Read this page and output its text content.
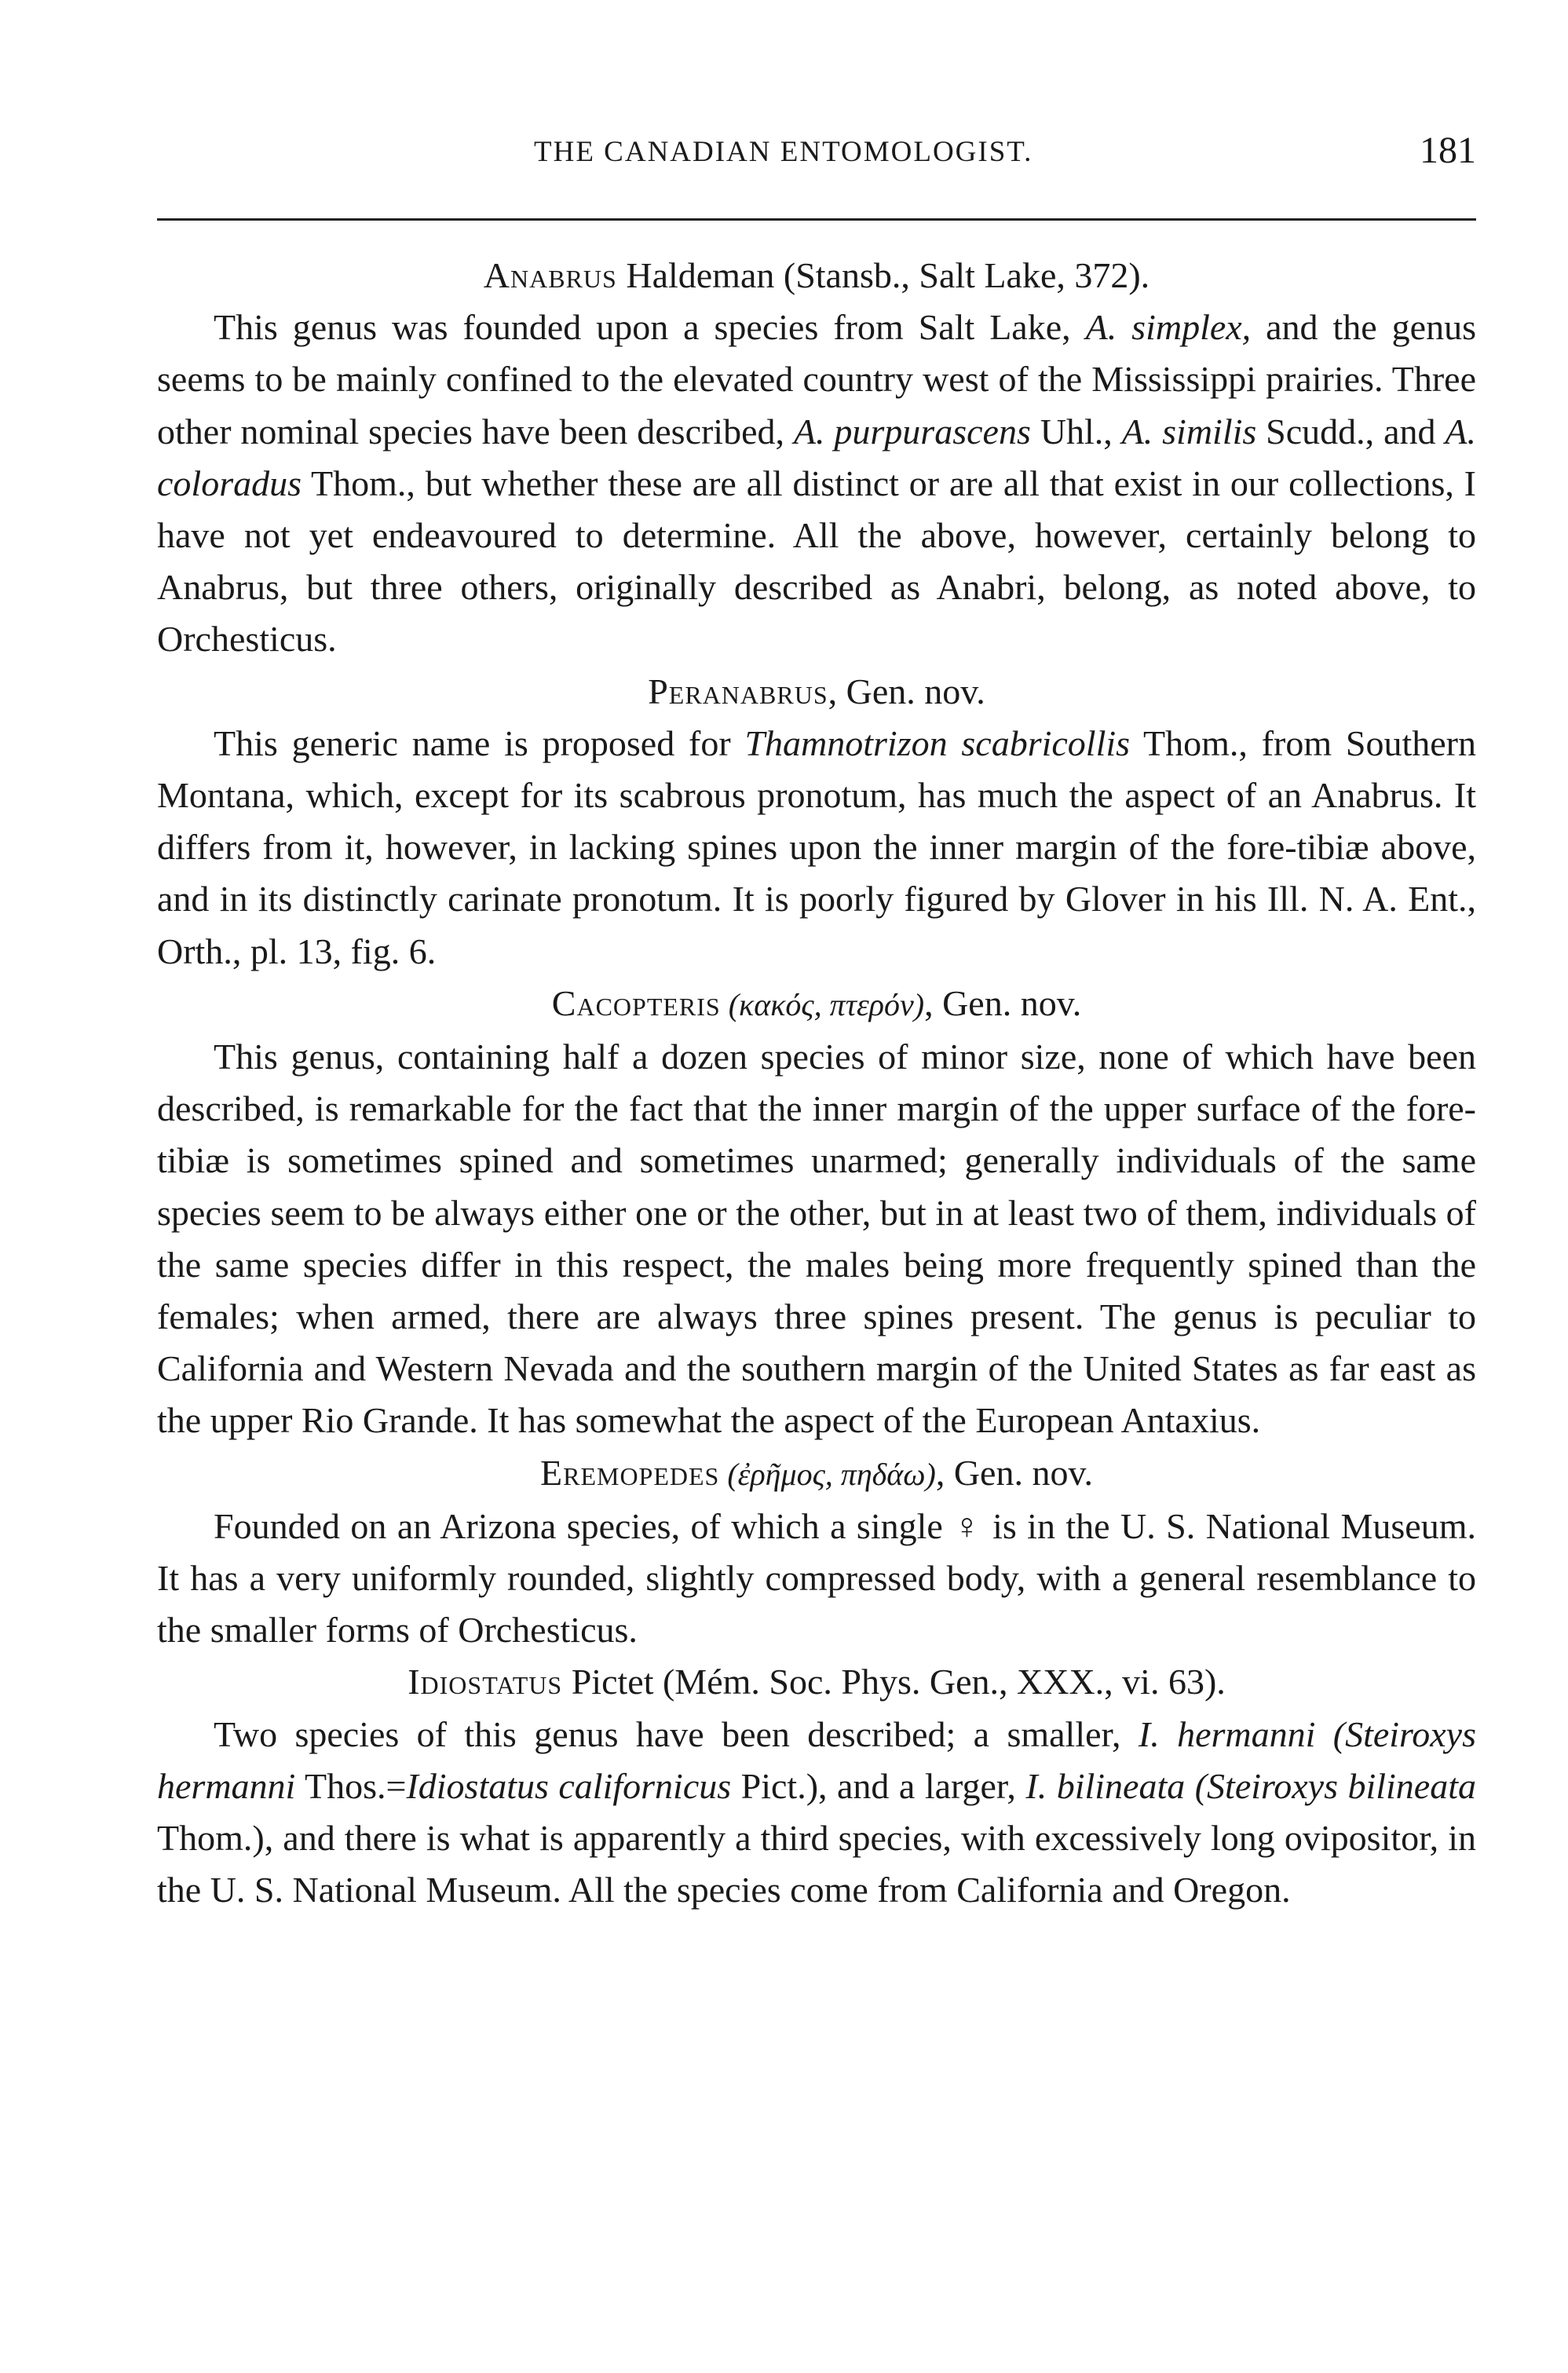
THE CANADIAN ENTOMOLOGIST.	181

Anabrus Haldeman (Stansb., Salt Lake, 372).

This genus was founded upon a species from Salt Lake, A. simplex, and the genus seems to be mainly confined to the elevated country west of the Mississippi prairies. Three other nominal species have been described, A. purpurascens Uhl., A. similis Scudd., and A. coloradus Thom., but whether these are all distinct or are all that exist in our collections, I have not yet endeavoured to determine. All the above, however, certainly belong to Anabrus, but three others, originally described as Anabri, belong, as noted above, to Orchesticus.

Peranabrus, Gen. nov.

This generic name is proposed for Thamnotrizon scabricollis Thom., from Southern Montana, which, except for its scabrous pronotum, has much the aspect of an Anabrus. It differs from it, however, in lacking spines upon the inner margin of the fore-tibiæ above, and in its distinctly carinate pronotum. It is poorly figured by Glover in his Ill. N. A. Ent., Orth., pl. 13, fig. 6.

Cacopteris (κακός, πτερόν), Gen. nov.

This genus, containing half a dozen species of minor size, none of which have been described, is remarkable for the fact that the inner margin of the upper surface of the fore-tibiæ is sometimes spined and sometimes unarmed; generally individuals of the same species seem to be always either one or the other, but in at least two of them, individuals of the same species differ in this respect, the males being more frequently spined than the females; when armed, there are always three spines present. The genus is peculiar to California and Western Nevada and the southern margin of the United States as far east as the upper Rio Grande. It has somewhat the aspect of the European Antaxius.

Eremopedes (ἐρῆμος, πηδάω), Gen. nov.

Founded on an Arizona species, of which a single ♀ is in the U. S. National Museum. It has a very uniformly rounded, slightly compressed body, with a general resemblance to the smaller forms of Orchesticus.

Idiostatus Pictet (Mém. Soc. Phys. Gen., XXX., vi. 63).

Two species of this genus have been described; a smaller, I. hermanni (Steiroxys hermanni Thos.=Idiostatus californicus Pict.), and a larger, I. bilineata (Steiroxys bilineata Thom.), and there is what is apparently a third species, with excessively long ovipositor, in the U. S. National Museum. All the species come from California and Oregon.
